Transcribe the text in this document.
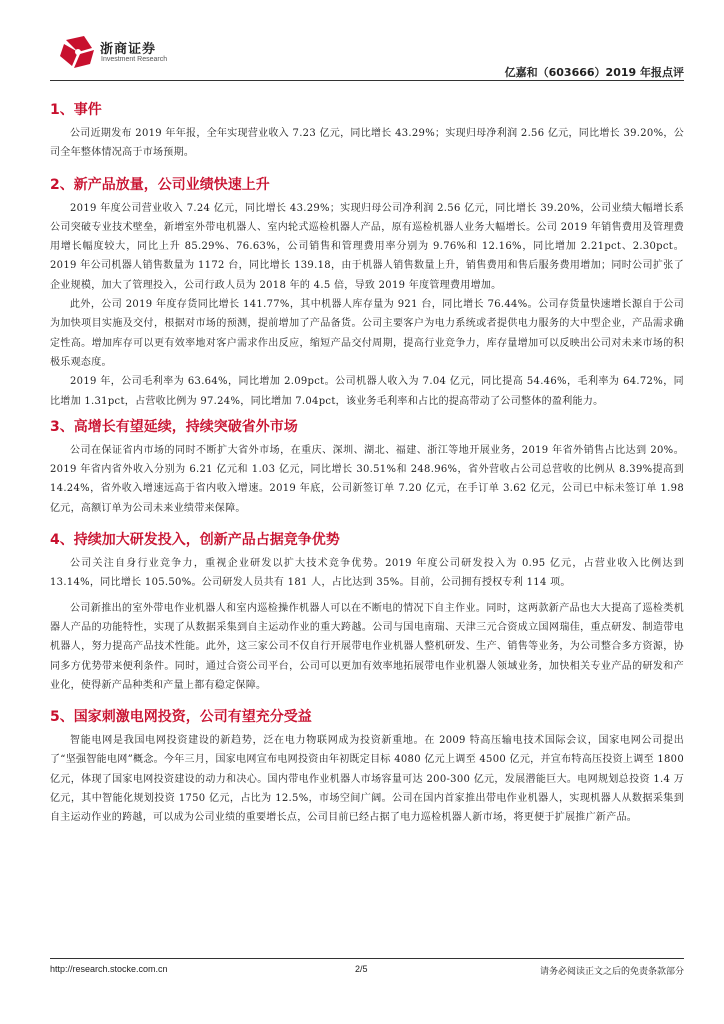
浙商证券
Investment Research
亿嘉和（603666）2019 年报点评
1、事件

公司近期发布 2019 年年报，全年实现营业收入 7.23 亿元，同比增长 43.29%；实现归母净利润 2.56 亿元，同比增长 39.20%，公司全年整体情况高于市场预期。

2、新产品放量，公司业绩快速上升

2019 年度公司营业收入 7.24 亿元，同比增长 43.29%；实现归母公司净利润 2.56 亿元，同比增长 39.20%，公司业绩大幅增长系公司突破专业技术壁垒，新增室外带电机器人、室内轮式巡检机器人产品，原有巡检机器人业务大幅增长。公司 2019 年销售费用及管理费用增长幅度较大，同比上升 85.29%、76.63%，公司销售和管理费用率分别为 9.76%和 12.16%，同比增加 2.21pct、2.30pct。2019 年公司机器人销售数量为 1172 台，同比增长 139.18，由于机器人销售数量上升，销售费用和售后服务费用增加；同时公司扩张了企业规模，加大了管理投入，公司行政人员为 2018 年的 4.5 倍，导致 2019 年度管理费用增加。

此外，公司 2019 年度存货同比增长 141.77%，其中机器人库存量为 921 台，同比增长 76.44%。公司存货量快速增长源自于公司为加快项目实施及交付，根据对市场的预测，提前增加了产品备货。公司主要客户为电力系统或者提供电力服务的大中型企业，产品需求确定性高。增加库存可以更有效率地对客户需求作出反应，缩短产品交付周期，提高行业竞争力，库存量增加可以反映出公司对未来市场的积极乐观态度。

2019 年，公司毛利率为 63.64%，同比增加 2.09pct。公司机器人收入为 7.04 亿元，同比提高 54.46%，毛利率为 64.72%，同比增加 1.31pct，占营收比例为 97.24%，同比增加 7.04pct，该业务毛利率和占比的提高带动了公司整体的盈利能力。

3、高增长有望延续，持续突破省外市场

公司在保证省内市场的同时不断扩大省外市场，在重庆、深圳、湖北、福建、浙江等地开展业务，2019 年省外销售占比达到 20%。2019 年省内省外收入分别为 6.21 亿元和 1.03 亿元，同比增长 30.51%和 248.96%，省外营收占公司总营收的比例从 8.39%提高到 14.24%，省外收入增速远高于省内收入增速。2019 年底，公司新签订单 7.20 亿元，在手订单 3.62 亿元，公司已中标未签订单 1.98 亿元，高额订单为公司未来业绩带来保障。

4、持续加大研发投入，创新产品占据竞争优势

公司关注自身行业竞争力，重视企业研发以扩大技术竞争优势。2019 年度公司研发投入为 0.95 亿元，占营业收入比例达到 13.14%，同比增长 105.50%。公司研发人员共有 181 人，占比达到 35%。目前，公司拥有授权专利 114 项。

公司新推出的室外带电作业机器人和室内巡检操作机器人可以在不断电的情况下自主作业。同时，这两款新产品也大大提高了巡检类机器人产品的功能特性，实现了从数据采集到自主运动作业的重大跨越。公司与国电南瑞、天津三元合资成立国网瑞佳，重点研发、制造带电机器人，努力提高产品技术性能。此外，这三家公司不仅自行开展带电作业机器人整机研发、生产、销售等业务，为公司整合多方资源，协同多方优势带来便利条件。同时，通过合资公司平台，公司可以更加有效率地拓展带电作业机器人领域业务，加快相关专业产品的研发和产业化，使得新产品种类和产量上都有稳定保障。

5、国家刺激电网投资，公司有望充分受益

智能电网是我国电网投资建设的新趋势，泛在电力物联网成为投资新重地。在 2009 特高压输电技术国际会议，国家电网公司提出了“坚强智能电网”概念。今年三月，国家电网宣布电网投资由年初既定目标 4080 亿元上调至 4500 亿元，并宣布特高压投资上调至 1800 亿元，体现了国家电网投资建设的动力和决心。国内带电作业机器人市场容量可达 200-300 亿元，发展潜能巨大。电网规划总投资 1.4 万亿元，其中智能化规划投资 1750 亿元，占比为 12.5%，市场空间广阔。公司在国内首家推出带电作业机器人，实现机器人从数据采集到自主运动作业的跨越，可以成为公司业绩的重要增长点，公司目前已经占据了电力巡检机器人新市场，将更便于扩展推广新产品。

http://research.stocke.com.cn	2/5	请务必阅读正文之后的免责条款部分
